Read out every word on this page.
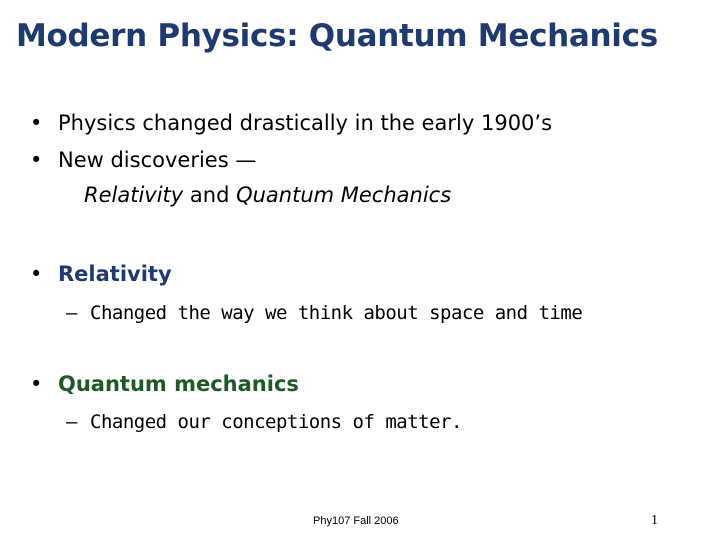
Modern Physics: Quantum Mechanics
• Physics changed drastically in the early 1900’s
• New discoveries —
Relativity and Quantum Mechanics
• Relativity
– Changed the way we think about space and time
• Quantum mechanics
– Changed our conceptions of matter.
Phy107 Fall 2006	1
